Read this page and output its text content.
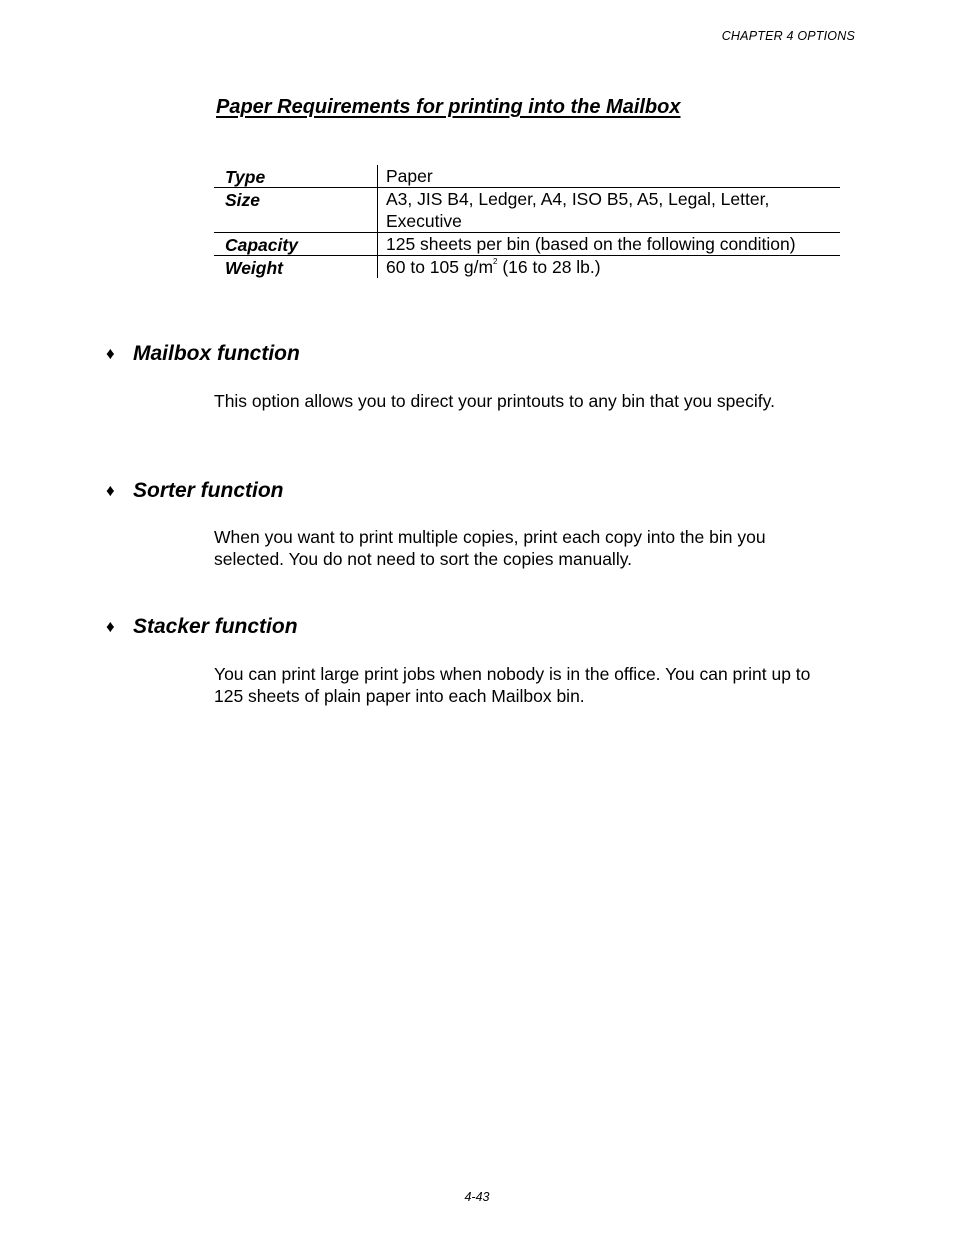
CHAPTER 4 OPTIONS
Paper Requirements for printing into the Mailbox
Type	Paper
Size	A3, JIS B4, Ledger, A4, ISO B5, A5, Legal, Letter, Executive

Capacity	125 sheets per bin (based on the following condition)
Weight	60 to 105 $g/m^2$ (16 to 28 lb.)
♦ Mailbox function
This option allows you to direct your printouts to any bin that you specify.
♦ Sorter function
When you want to print multiple copies, print each copy into the bin you selected. You do not need to sort the copies manually.
♦ Stacker function
You can print large print jobs when nobody is in the office. You can print up to 125 sheets of plain paper into each Mailbox bin.
4-43
